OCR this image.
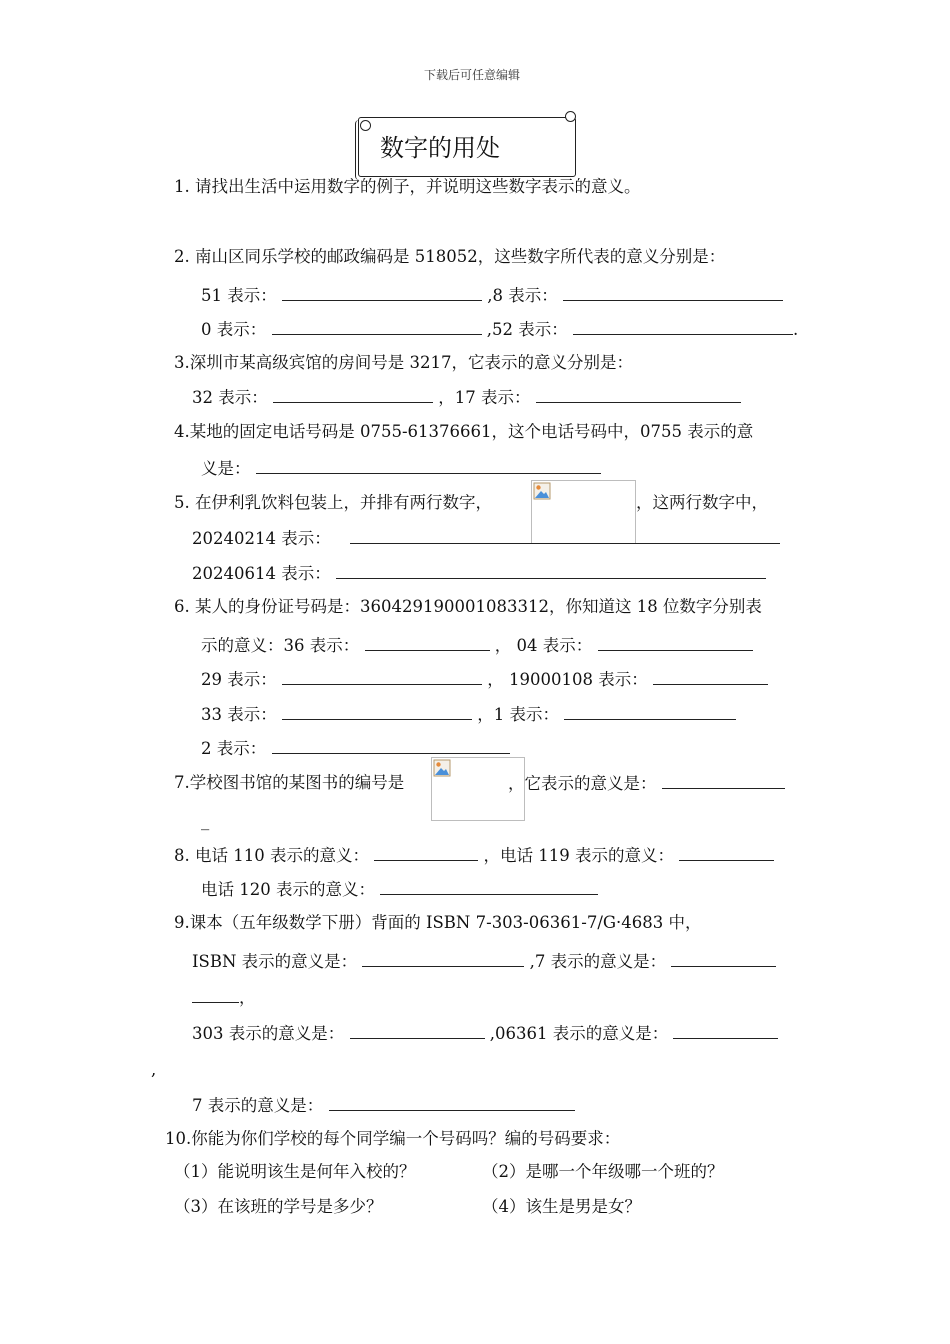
下载后可任意编辑
数字的用处
1. 请找出生活中运用数字的例子，并说明这些数字表示的意义。
2. 南山区同乐学校的邮政编码是 518052，这些数字所代表的意义分别是：
51 表示：	,8 表示：
0 表示：	,52 表示：	.
3.深圳市某高级宾馆的房间号是 3217，它表示的意义分别是：
32 表示：	，17 表示：
4.某地的固定电话号码是 0755-61376661，这个电话号码中，0755 表示的意
义是：
5. 在伊利乳饮料包装上，并排有两行数字，	，这两行数字中，
20240214 表示：
20240614 表示：
6. 某人的身份证号码是：360429190001083312，你知道这 18 位数字分别表
示的意义：36 表示：	， 04 表示：
29 表示：	， 19000108 表示：
33 表示：	，1 表示：
2 表示：
7.学校图书馆的某图书的编号是	，它表示的意义是：
_
8. 电话 110 表示的意义：	，电话 119 表示的意义：
电话 120 表示的意义：
9.课本（五年级数学下册）背面的 ISBN 7-303-06361-7/G·4683 中，
ISBN 表示的意义是：	,7 表示的意义是：
，
303 表示的意义是：	,06361 表示的意义是：
,
7 表示的意义是：
10.你能为你们学校的每个同学编一个号码吗？编的号码要求：
（1）能说明该生是何年入校的？	（2）是哪一个年级哪一个班的？
（3）在该班的学号是多少？	（4）该生是男是女？
